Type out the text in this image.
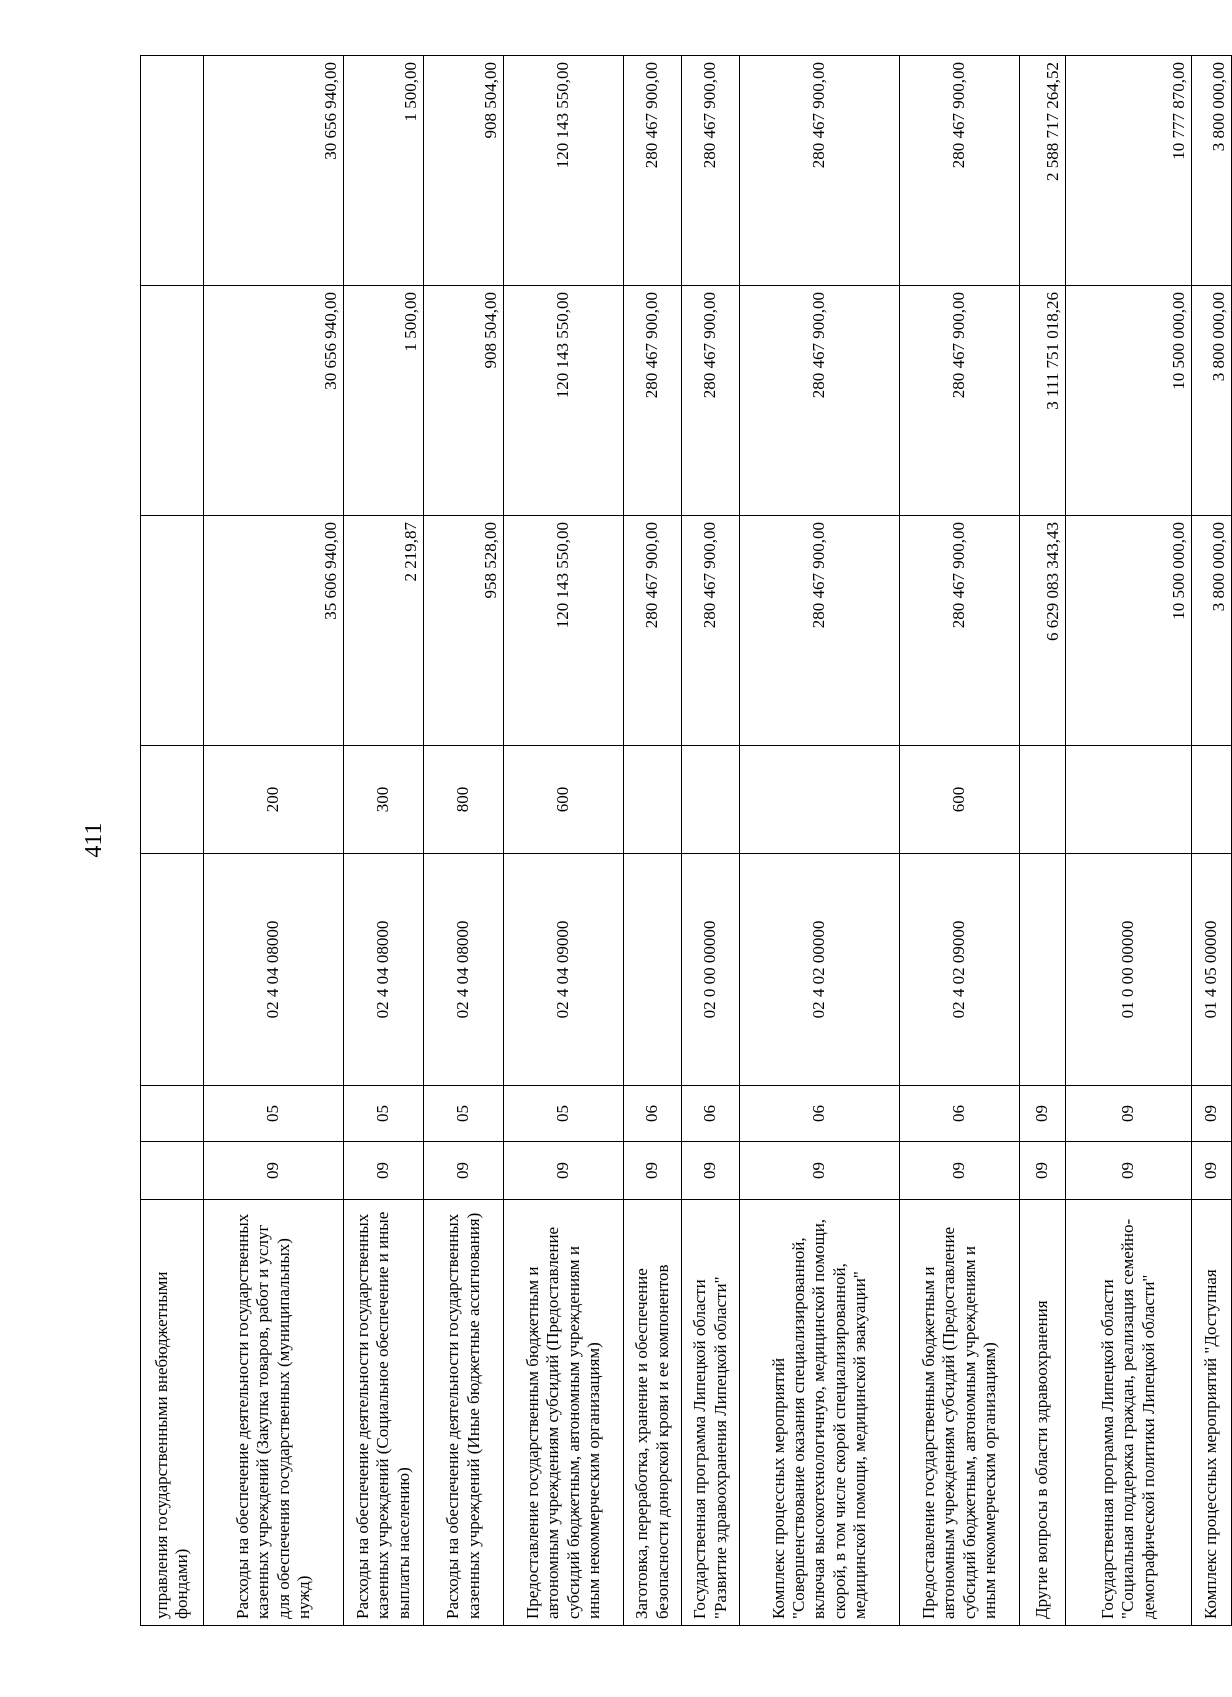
411
управления государственными внебюджетными фондами)							
Расходы на обеспечение деятельности государственных казенных учреждений (Закупка товаров, работ и услуг для обеспечения государственных (муниципальных) нужд)	09	05	02 4 04 08000	200	35 606 940,00	30 656 940,00	30 656 940,00
Расходы на обеспечение деятельности государственных казенных учреждений (Социальное обеспечение и иные выплаты населению)	09	05	02 4 04 08000	300	2 219,87	1 500,00	1 500,00
Расходы на обеспечение деятельности государственных казенных учреждений (Иные бюджетные ассигнования)	09	05	02 4 04 08000	800	958 528,00	908 504,00	908 504,00
Предоставление государственным бюджетным и автономным учреждениям субсидий (Предоставление субсидий бюджетным, автономным учреждениям и иным некоммерческим организациям)	09	05	02 4 04 09000	600	120 143 550,00	120 143 550,00	120 143 550,00
Заготовка, переработка, хранение и обеспечение безопасности донорской крови и ее компонентов	09	06			280 467 900,00	280 467 900,00	280 467 900,00
Государственная программа Липецкой области "Развитие здравоохранения Липецкой области"	09	06	02 0 00 00000		280 467 900,00	280 467 900,00	280 467 900,00
Комплекс процессных мероприятий "Совершенствование оказания специализированной, включая высокотехнологичную, медицинской помощи, скорой, в том числе скорой специализированной, медицинской помощи, медицинской эвакуации"	09	06	02 4 02 00000		280 467 900,00	280 467 900,00	280 467 900,00
Предоставление государственным бюджетным и автономным учреждениям субсидий (Предоставление субсидий бюджетным, автономным учреждениям и иным некоммерческим организациям)	09	06	02 4 02 09000	600	280 467 900,00	280 467 900,00	280 467 900,00
Другие вопросы в области здравоохранения	09	09			6 629 083 343,43	3 111 751 018,26	2 588 717 264,52
Государственная программа Липецкой области "Социальная поддержка граждан, реализация семейно-демографической политики Липецкой области"	09	09	01 0 00 00000		10 500 000,00	10 500 000,00	10 777 870,00
Комплекс процессных мероприятий "Доступная	09	09	01 4 05 00000		3 800 000,00	3 800 000,00	3 800 000,00
